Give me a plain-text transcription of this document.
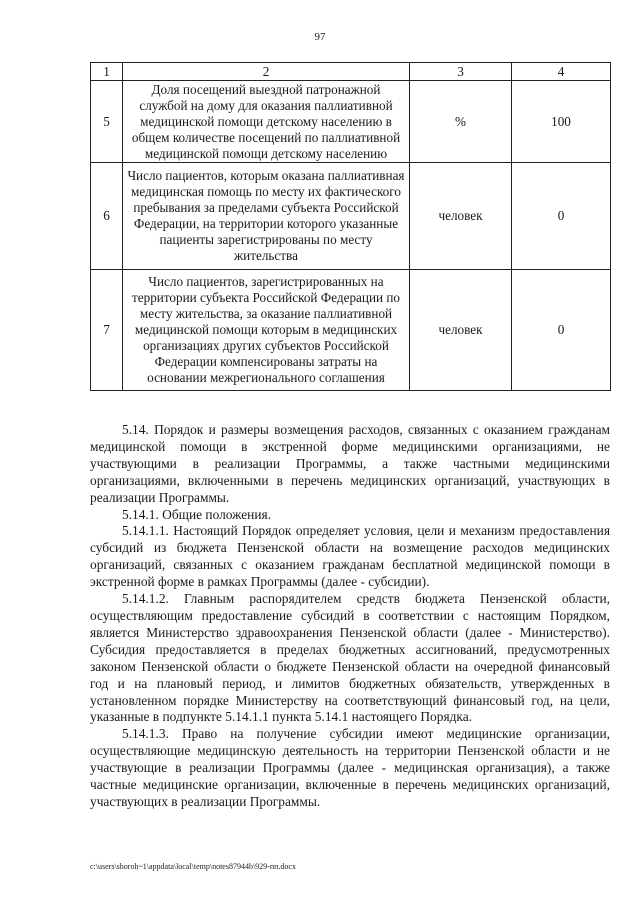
97
1	2	3	4
5	Доля посещений выездной патронажной службой на дому для оказания паллиативной медицинской помощи детскому населению в общем количестве посещений по паллиативной медицинской помощи детскому населению	%	100
6	Число пациентов, которым оказана паллиативная медицинская помощь по месту их фактического пребывания за пределами субъекта Российской Федерации, на территории которого указанные пациенты зарегистрированы по месту жительства	человек	0
7	Число пациентов, зарегистрированных на территории субъекта Российской Федерации по месту жительства, за оказание паллиативной медицинской помощи которым в медицинских организациях других субъектов Российской Федерации компенсированы затраты на основании межрегионального соглашения	человек	0

5.14. Порядок и размеры возмещения расходов, связанных с оказанием гражданам медицинской помощи в экстренной форме медицинскими организациями, не участвующими в реализации Программы, а также частными медицинскими организациями, включенными в перечень медицинских организаций, участвующих в реализации Программы.

5.14.1. Общие положения.

5.14.1.1. Настоящий Порядок определяет условия, цели и механизм предоставления субсидий из бюджета Пензенской области на возмещение расходов медицинских организаций, связанных с оказанием гражданам бесплатной медицинской помощи в экстренной форме в рамках Программы (далее - субсидии).

5.14.1.2. Главным распорядителем средств бюджета Пензенской области, осуществляющим предоставление субсидий в соответствии с настоящим Порядком, является Министерство здравоохранения Пензенской области (далее - Министерство). Субсидия предоставляется в пределах бюджетных ассигнований, предусмотренных законом Пензенской области о бюджете Пензенской области на очередной финансовый год и на плановый период, и лимитов бюджетных обязательств, утвержденных в установленном порядке Министерству на соответствующий финансовый год, на цели, указанные в подпункте 5.14.1.1 пункта 5.14.1 настоящего Порядка.

5.14.1.3. Право на получение субсидии имеют медицинские организации, осуществляющие медицинскую деятельность на территории Пензенской области и не участвующие в реализации Программы (далее - медицинская организация), а также частные медицинские организации, включенные в перечень медицинских организаций, участвующих в реализации Программы.

c:\users\shoroh~1\appdata\local\temp\notes87944b\929-пп.docx
